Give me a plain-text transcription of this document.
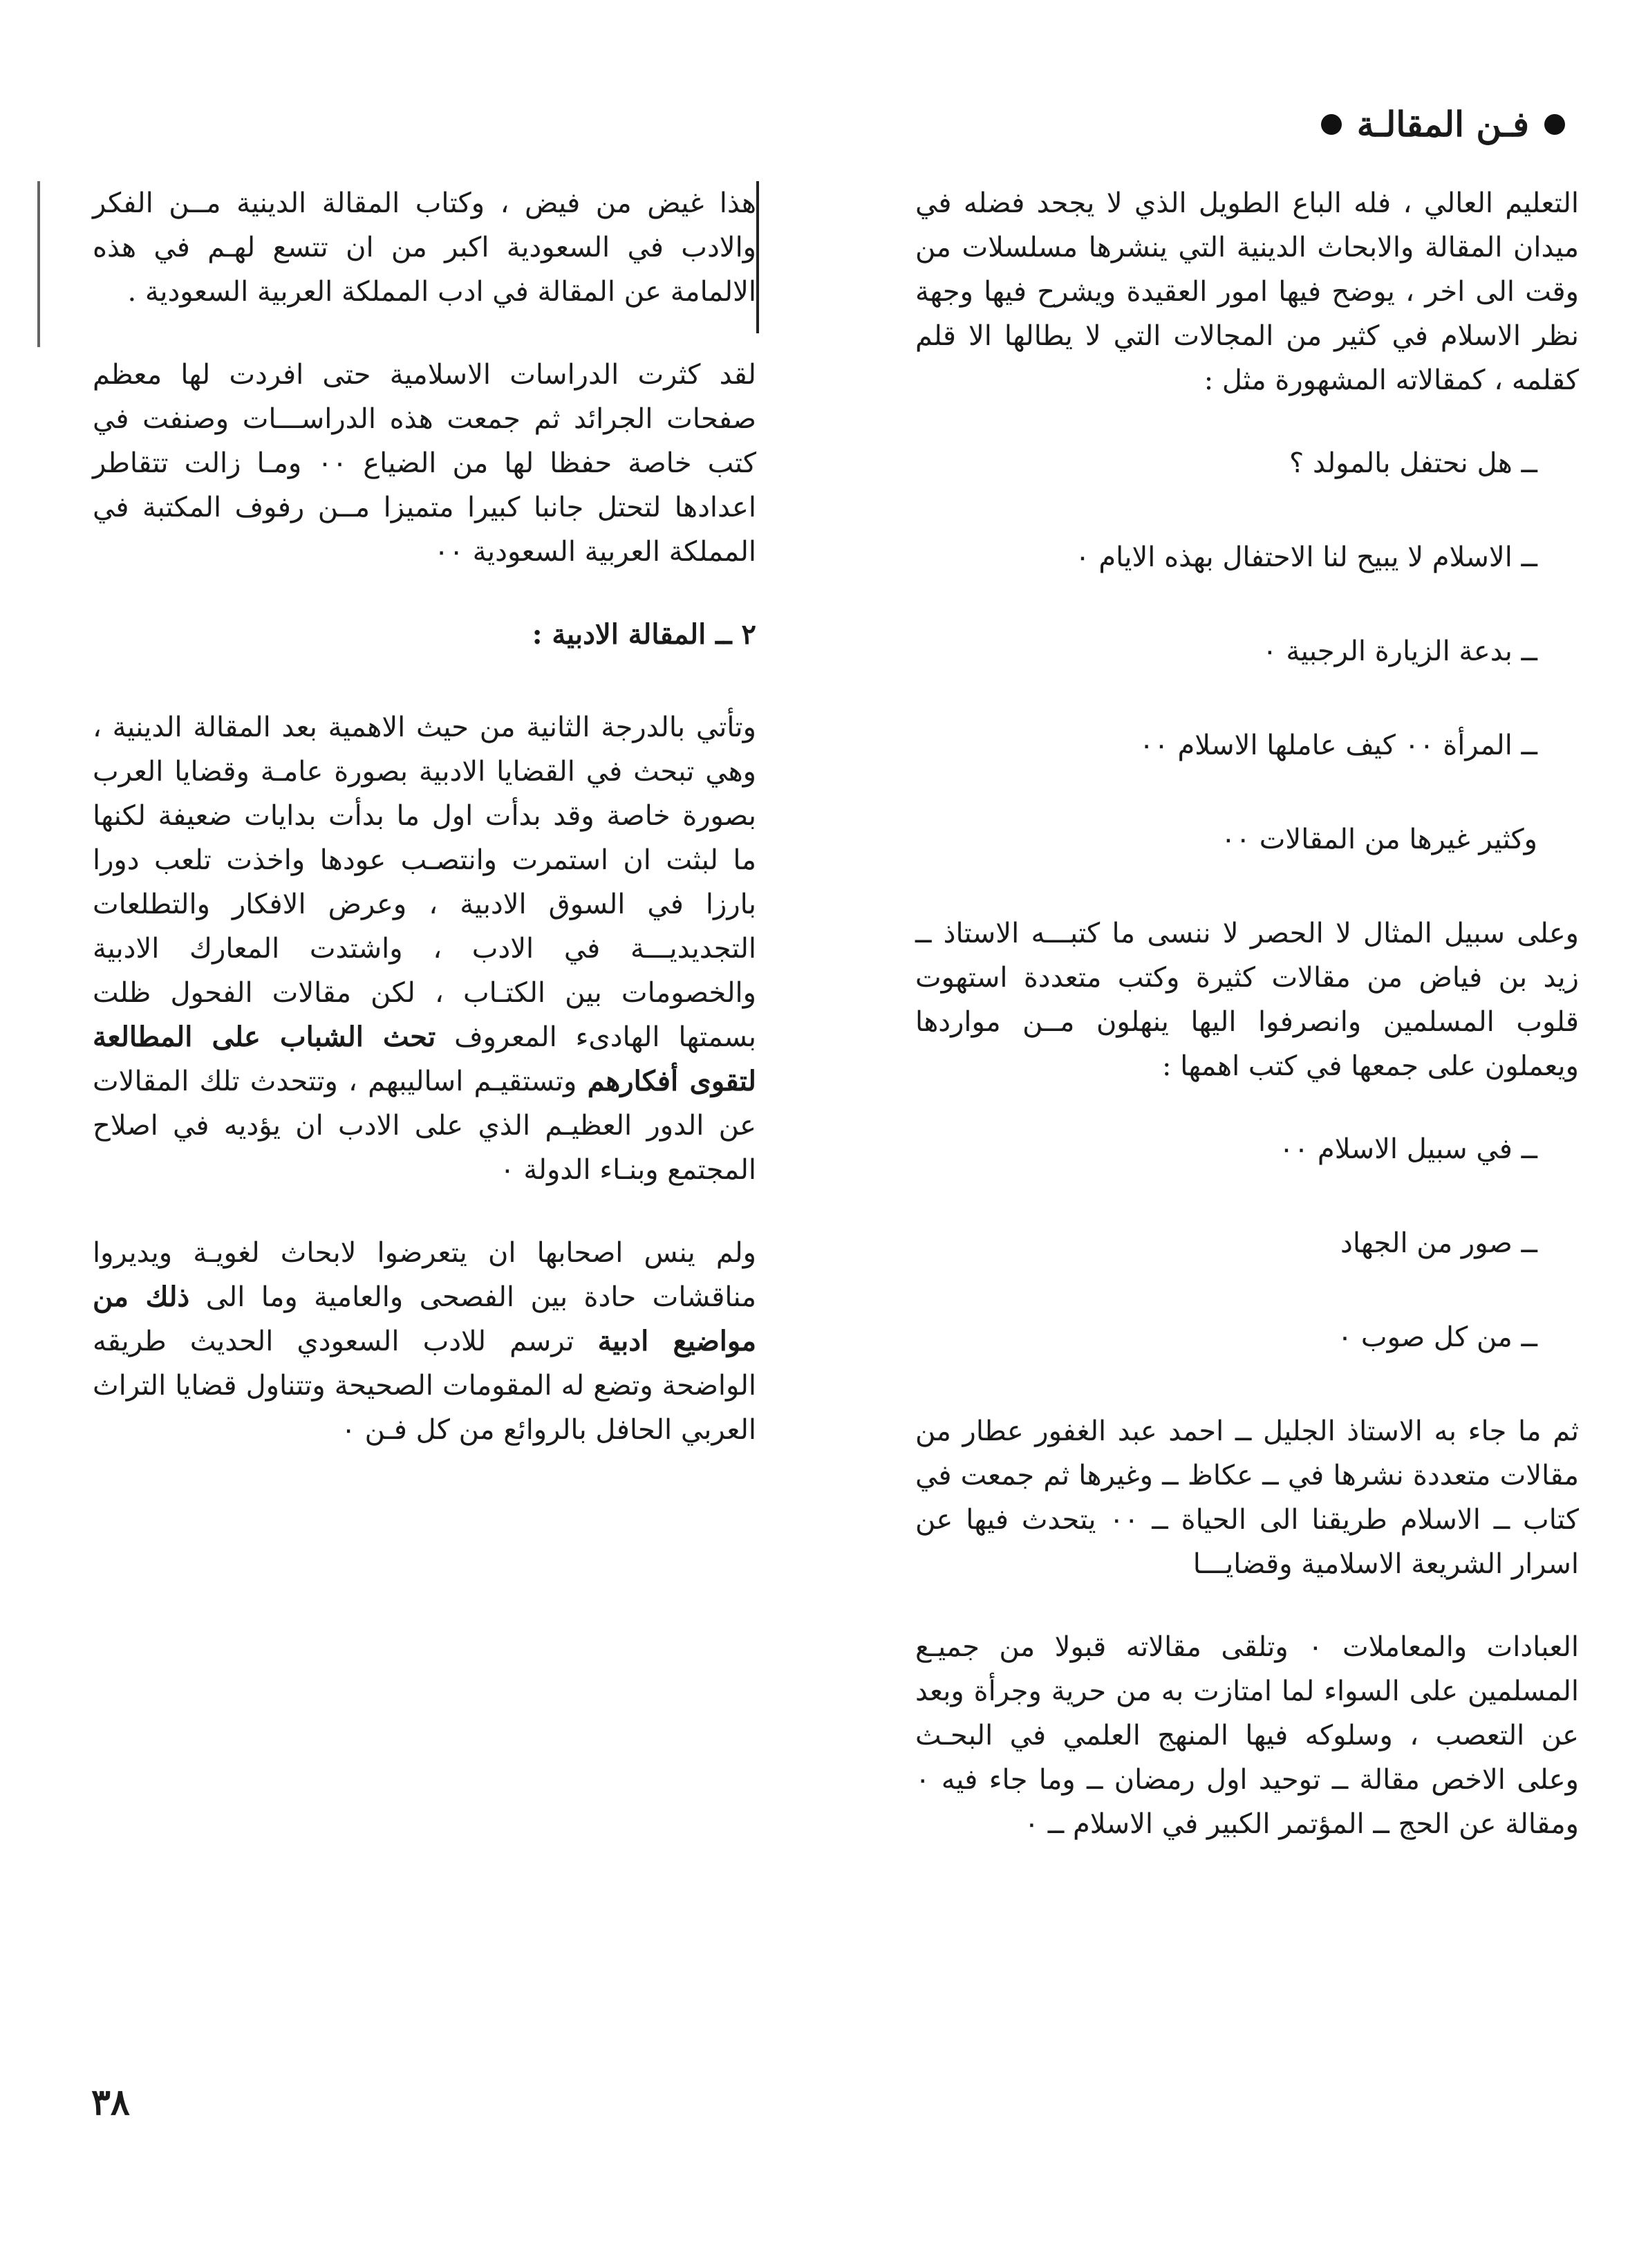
فـن المقالـة

التعليم العالي ، فله الباع الطويل الذي لا يجحد فضله في ميدان المقالة والابحاث الدينية التي ينشرها مسلسلات من وقت الى اخر ، يوضح فيها امور العقيدة ويشرح فيها وجهة نظر الاسلام في كثير من المجالات التي لا يطالها الا قلم كقلمه ، كمقالاته المشهورة مثل :

ــ هل نحتفل بالمولد ؟

ــ الاسلام لا يبيح لنا الاحتفال بهذه الايام ٠

ــ بدعة الزيارة الرجبية ٠

ــ المرأة ٠٠ كيف عاملها الاسلام ٠٠

وكثير غيرها من المقالات ٠٠

وعلى سبيل المثال لا الحصر لا ننسى ما كتبـــه الاستاذ ــ زيد بن فياض من مقالات كثيرة وكتب متعددة استهوت قلوب المسلمين وانصرفوا اليها ينهلون مــن مواردها ويعملون على جمعها في كتب اهمها :

ــ في سبيل الاسلام ٠٠

ــ صور من الجهاد

ــ من كل صوب ٠

ثم ما جاء به الاستاذ الجليل ــ احمد عبد الغفور عطار من مقالات متعددة نشرها في ــ عكاظ ــ وغيرها ثم جمعت في كتاب ــ الاسلام طريقنا الى الحياة ــ ٠٠ يتحدث فيها عن اسرار الشريعة الاسلامية وقضايـــا

العبادات والمعاملات ٠ وتلقى مقالاته قبولا من جميـع المسلمين على السواء لما امتازت به من حرية وجرأة وبعد عن التعصب ، وسلوكه فيها المنهج العلمي في البحـث وعلى الاخص مقالة ــ توحيد اول رمضان ــ وما جاء فيه ٠ ومقالة عن الحج ــ المؤتمر الكبير في الاسلام ــ ٠

هذا غيض من فيض ، وكتاب المقالة الدينية مــن الفكر والادب في السعودية اكبر من ان تتسع لهـم في هذه الالمامة عن المقالة في ادب المملكة العربية السعودية .

لقد كثرت الدراسات الاسلامية حتى افردت لها معظم صفحات الجرائد ثم جمعت هذه الدراســـات وصنفت في كتب خاصة حفظا لها من الضياع ٠٠ ومـا زالت تتقاطر اعدادها لتحتل جانبا كبيرا متميزا مــن رفوف المكتبة في المملكة العربية السعودية ٠٠

٢ ــ المقالة الادبية :

وتأتي بالدرجة الثانية من حيث الاهمية بعد المقالة الدينية ، وهي تبحث في القضايا الادبية بصورة عامـة وقضايا العرب بصورة خاصة وقد بدأت اول ما بدأت بدايات ضعيفة لكنها ما لبثت ان استمرت وانتصـب عودها واخذت تلعب دورا بارزا في السوق الادبية ، وعرض الافكار والتطلعات التجديديـــة في الادب ، واشتدت المعارك الادبية والخصومات بين الكتـاب ، لكن مقالات الفحول ظلت بسمتها الهادىء المعروف تحث الشباب على المطالعة لتقوى أفكارهم وتستقيـم اساليبهم ، وتتحدث تلك المقالات عن الدور العظيـم الذي على الادب ان يؤديه في اصلاح المجتمع وبنـاء الدولة ٠

ولم ينس اصحابها ان يتعرضوا لابحاث لغويـة ويديروا مناقشات حادة بين الفصحى والعامية وما الى ذلك من مواضيع ادبية ترسم للادب السعودي الحديث طريقه الواضحة وتضع له المقومات الصحيحة وتتناول قضايا التراث العربي الحافل بالروائع من كل فـن ٠

٣٨
